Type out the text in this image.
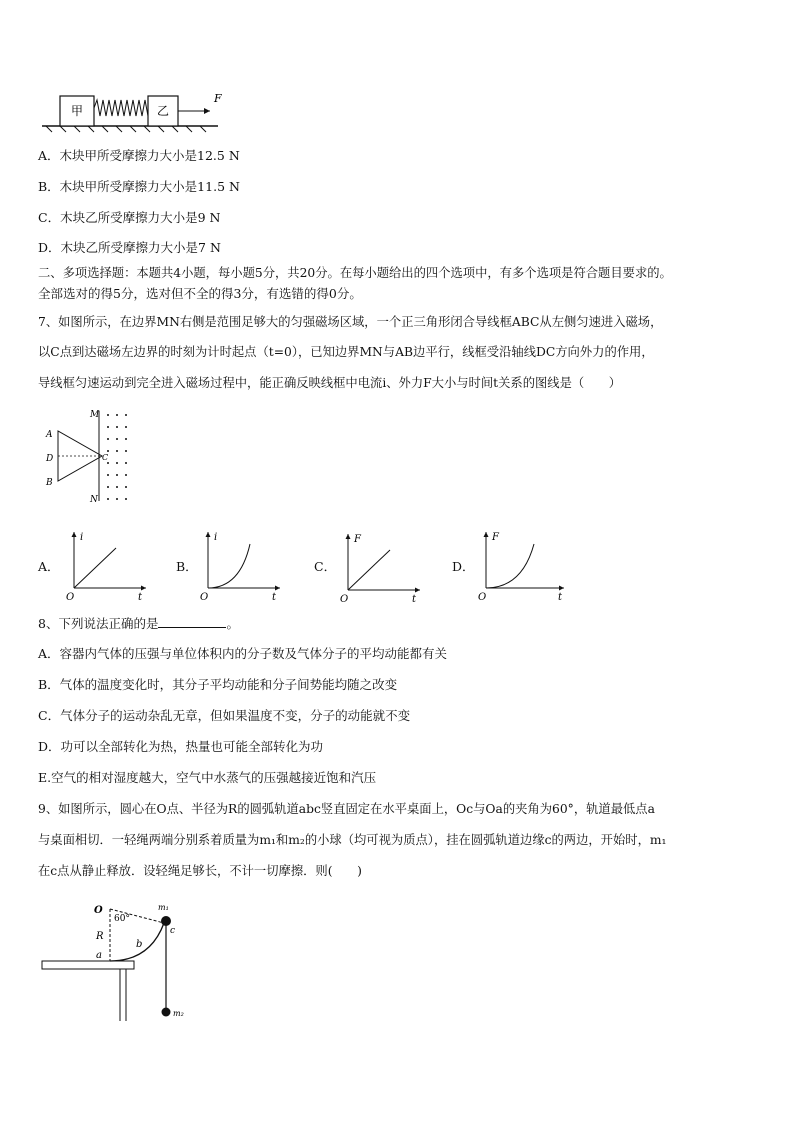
甲	乙
F
A．木块甲所受摩擦力大小是12.5 N
B．木块甲所受摩擦力大小是11.5 N
C．木块乙所受摩擦力大小是9 N
D．木块乙所受摩擦力大小是7 N
二、多项选择题：本题共4小题，每小题5分，共20分。在每小题给出的四个选项中，有多个选项是符合题目要求的。
全部选对的得5分，选对但不全的得3分，有选错的得0分。
7、如图所示，在边界MN右侧是范围足够大的匀强磁场区域，一个正三角形闭合导线框ABC从左侧匀速进入磁场，
以C点到达磁场左边界的时刻为计时起点（t=0），已知边界MN与AB边平行，线框受沿轴线DC方向外力的作用，
导线框匀速运动到完全进入磁场过程中，能正确反映线框中电流i、外力F大小与时间t关系的图线是（　　）
M
N
A
D
B
C
A．
i
t
O
B．
i
t
O
C．
F
t
O
D．
F
t
O
8、下列说法正确的是	。
A．容器内气体的压强与单位体积内的分子数及气体分子的平均动能都有关
B．气体的温度变化时，其分子平均动能和分子间势能均随之改变
C．气体分子的运动杂乱无章，但如果温度不变，分子的动能就不变
D．功可以全部转化为热，热量也可能全部转化为功
E.空气的相对湿度越大，空气中水蒸气的压强越接近饱和汽压
9、如图所示，圆心在O点、半径为R的圆弧轨道abc竖直固定在水平桌面上，Oc与Oa的夹角为60°，轨道最低点a
与桌面相切．一轻绳两端分别系着质量为m₁和m₂的小球（均可视为质点），挂在圆弧轨道边缘c的两边，开始时，m₁
在c点从静止释放．设轻绳足够长，不计一切摩擦．则(　　)
O
60°
R
a
b
c
m₁
m₂
